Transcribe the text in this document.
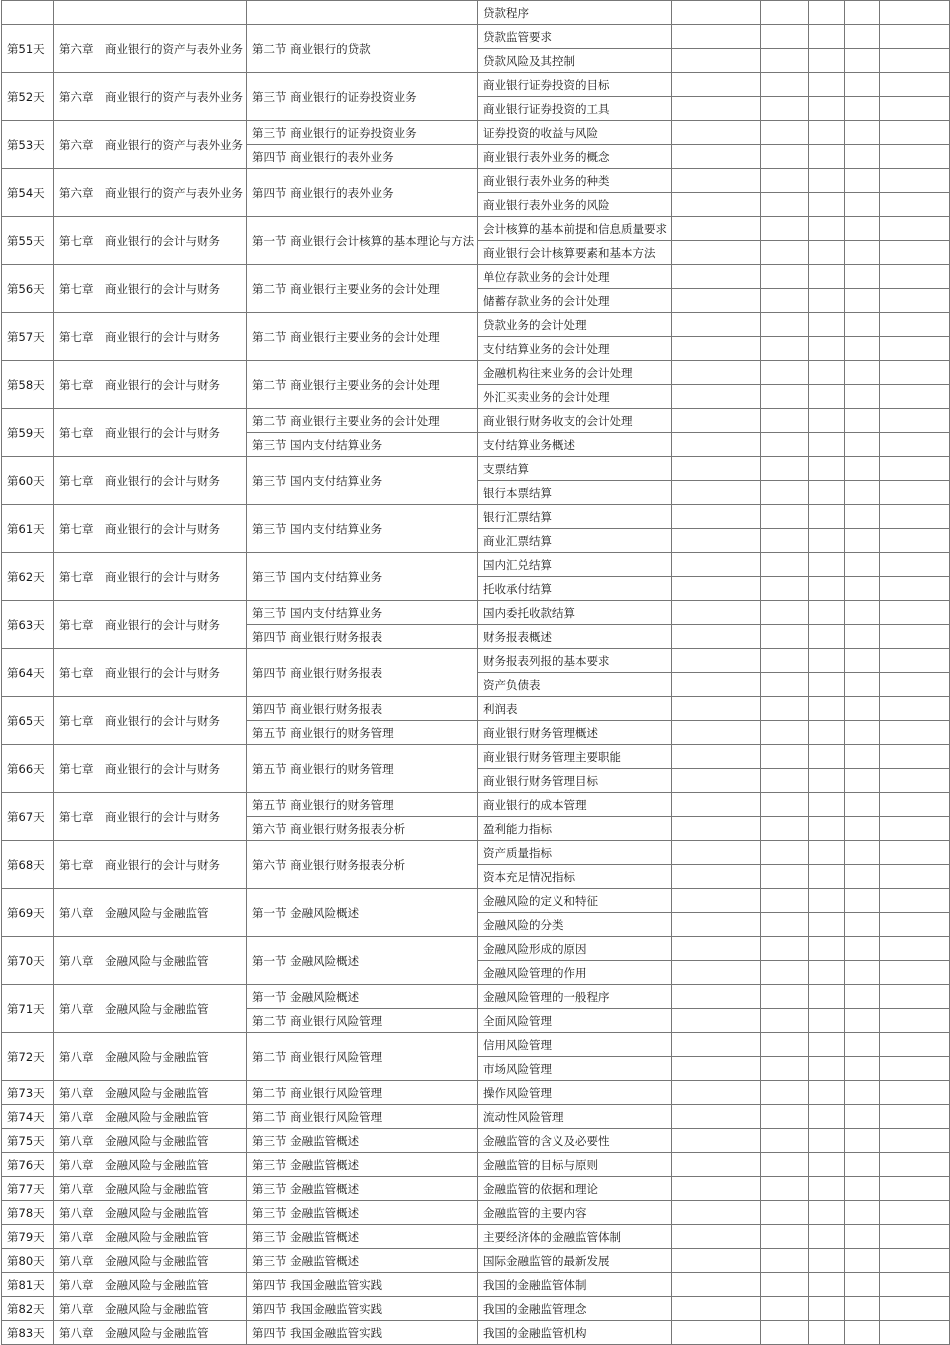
			贷款程序					
第51天	第六章　商业银行的资产与表外业务	第二节 商业银行的贷款	贷款监管要求					
			贷款风险及其控制					
第52天	第六章　商业银行的资产与表外业务	第三节 商业银行的证券投资业务	商业银行证券投资的目标					
			商业银行证券投资的工具					
第53天	第六章　商业银行的资产与表外业务	第三节 商业银行的证券投资业务	证券投资的收益与风险					
		第四节 商业银行的表外业务	商业银行表外业务的概念					
第54天	第六章　商业银行的资产与表外业务	第四节 商业银行的表外业务	商业银行表外业务的种类					
			商业银行表外业务的风险					
第55天	第七章　商业银行的会计与财务	第一节 商业银行会计核算的基本理论与方法	会计核算的基本前提和信息质量要求					
			商业银行会计核算要素和基本方法					
第56天	第七章　商业银行的会计与财务	第二节 商业银行主要业务的会计处理	单位存款业务的会计处理					
			储蓄存款业务的会计处理					
第57天	第七章　商业银行的会计与财务	第二节 商业银行主要业务的会计处理	贷款业务的会计处理					
			支付结算业务的会计处理					
第58天	第七章　商业银行的会计与财务	第二节 商业银行主要业务的会计处理	金融机构往来业务的会计处理					
			外汇买卖业务的会计处理					
第59天	第七章　商业银行的会计与财务	第二节 商业银行主要业务的会计处理	商业银行财务收支的会计处理					
		第三节 国内支付结算业务	支付结算业务概述					
第60天	第七章　商业银行的会计与财务	第三节 国内支付结算业务	支票结算					
			银行本票结算					
第61天	第七章　商业银行的会计与财务	第三节 国内支付结算业务	银行汇票结算					
			商业汇票结算					
第62天	第七章　商业银行的会计与财务	第三节 国内支付结算业务	国内汇兑结算					
			托收承付结算					
第63天	第七章　商业银行的会计与财务	第三节 国内支付结算业务	国内委托收款结算					
		第四节 商业银行财务报表	财务报表概述					
第64天	第七章　商业银行的会计与财务	第四节 商业银行财务报表	财务报表列报的基本要求					
			资产负债表					
第65天	第七章　商业银行的会计与财务	第四节 商业银行财务报表	利润表					
		第五节 商业银行的财务管理	商业银行财务管理概述					
第66天	第七章　商业银行的会计与财务	第五节 商业银行的财务管理	商业银行财务管理主要职能					
			商业银行财务管理目标					
第67天	第七章　商业银行的会计与财务	第五节 商业银行的财务管理	商业银行的成本管理					
		第六节 商业银行财务报表分析	盈利能力指标					
第68天	第七章　商业银行的会计与财务	第六节 商业银行财务报表分析	资产质量指标					
			资本充足情况指标					
第69天	第八章　金融风险与金融监管	第一节 金融风险概述	金融风险的定义和特征					
			金融风险的分类					
第70天	第八章　金融风险与金融监管	第一节 金融风险概述	金融风险形成的原因					
			金融风险管理的作用					
第71天	第八章　金融风险与金融监管	第一节 金融风险概述	金融风险管理的一般程序					
		第二节 商业银行风险管理	全面风险管理					
第72天	第八章　金融风险与金融监管	第二节 商业银行风险管理	信用风险管理					
			市场风险管理					
第73天	第八章　金融风险与金融监管	第二节 商业银行风险管理	操作风险管理					
第74天	第八章　金融风险与金融监管	第二节 商业银行风险管理	流动性风险管理					
第75天	第八章　金融风险与金融监管	第三节 金融监管概述	金融监管的含义及必要性					
第76天	第八章　金融风险与金融监管	第三节 金融监管概述	金融监管的目标与原则					
第77天	第八章　金融风险与金融监管	第三节 金融监管概述	金融监管的依据和理论					
第78天	第八章　金融风险与金融监管	第三节 金融监管概述	金融监管的主要内容					
第79天	第八章　金融风险与金融监管	第三节 金融监管概述	主要经济体的金融监管体制					
第80天	第八章　金融风险与金融监管	第三节 金融监管概述	国际金融监管的最新发展					
第81天	第八章　金融风险与金融监管	第四节 我国金融监管实践	我国的金融监管体制					
第82天	第八章　金融风险与金融监管	第四节 我国金融监管实践	我国的金融监管理念					
第83天	第八章　金融风险与金融监管	第四节 我国金融监管实践	我国的金融监管机构					
